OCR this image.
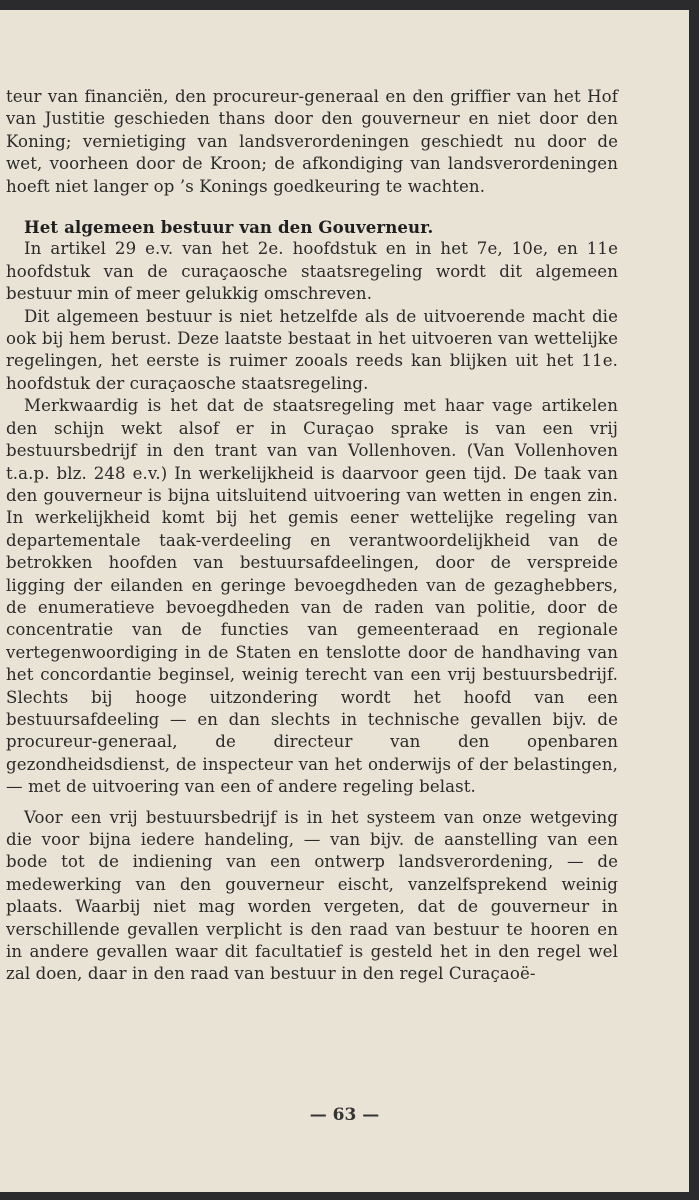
teur van financiën, den procureur-generaal en den griffier van het Hof van Justitie geschieden thans door den gouverneur en niet door den Koning; vernietiging van landsverordeningen geschiedt nu door de wet, voorheen door de Kroon; de afkondiging van landsverordeningen hoeft niet langer op ’s Konings goedkeuring te wachten.

Het algemeen bestuur van den Gouverneur.

In artikel 29 e.v. van het 2e. hoofdstuk en in het 7e, 10e, en 11e hoofdstuk van de curaçaosche staatsregeling wordt dit algemeen bestuur min of meer gelukkig omschreven.

Dit algemeen bestuur is niet hetzelfde als de uitvoerende macht die ook bij hem berust. Deze laatste bestaat in het uitvoeren van wettelijke regelingen, het eerste is ruimer zooals reeds kan blijken uit het 11e. hoofdstuk der curaçaosche staatsregeling.

Merkwaardig is het dat de staatsregeling met haar vage artikelen den schijn wekt alsof er in Curaçao sprake is van een vrij bestuursbedrijf in den trant van van Vollenhoven. (Van Vollenhoven t.a.p. blz. 248 e.v.) In werkelijkheid is daarvoor geen tijd. De taak van den gouverneur is bijna uitsluitend uitvoering van wetten in engen zin. In werkelijkheid komt bij het gemis eener wettelijke regeling van departementale taak-verdeeling en verantwoordelijkheid van de betrokken hoofden van bestuursafdeelingen, door de verspreide ligging der eilanden en geringe bevoegdheden van de gezaghebbers, de enumeratieve bevoegdheden van de raden van politie, door de concentratie van de functies van gemeenteraad en regionale vertegenwoordiging in de Staten en tenslotte door de handhaving van het concordantie beginsel, weinig terecht van een vrij bestuursbedrijf. Slechts bij hooge uitzondering wordt het hoofd van een bestuursafdeeling — en dan slechts in technische gevallen bijv. de procureur-generaal, de directeur van den openbaren gezondheidsdienst, de inspecteur van het onderwijs of der belastingen, — met de uitvoering van een of andere regeling belast.

Voor een vrij bestuursbedrijf is in het systeem van onze wetgeving die voor bijna iedere handeling, — van bijv. de aanstelling van een bode tot de indiening van een ontwerp landsverordening, — de medewerking van den gouverneur eischt, vanzelfsprekend weinig plaats. Waarbij niet mag worden vergeten, dat de gouverneur in verschillende gevallen verplicht is den raad van bestuur te hooren en in andere gevallen waar dit facultatief is gesteld het in den regel wel zal doen, daar in den raad van bestuur in den regel Curaçaoë-

— 63 —
